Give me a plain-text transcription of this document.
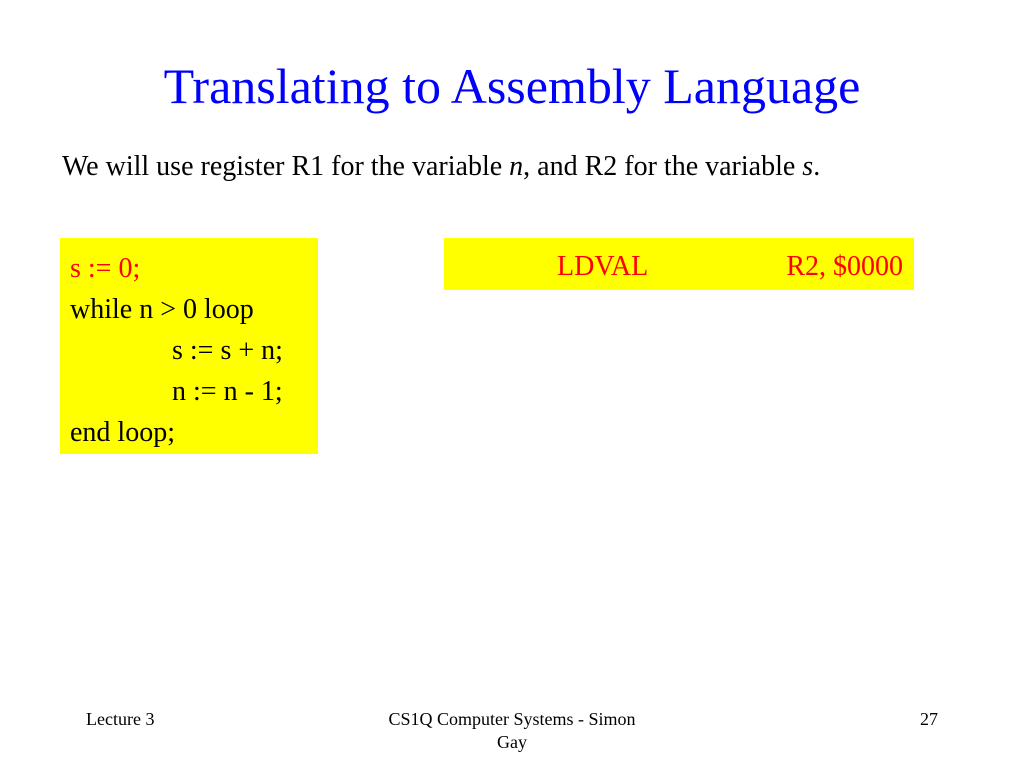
Translating to Assembly Language
We will use register R1 for the variable n, and R2 for the variable s.
s := 0;
while n > 0 loop
s := s + n;
n := n - 1;
end loop;
LDVAL	R2, $0000
Lecture 3	CS1Q Computer Systems - Simon
Gay
27
